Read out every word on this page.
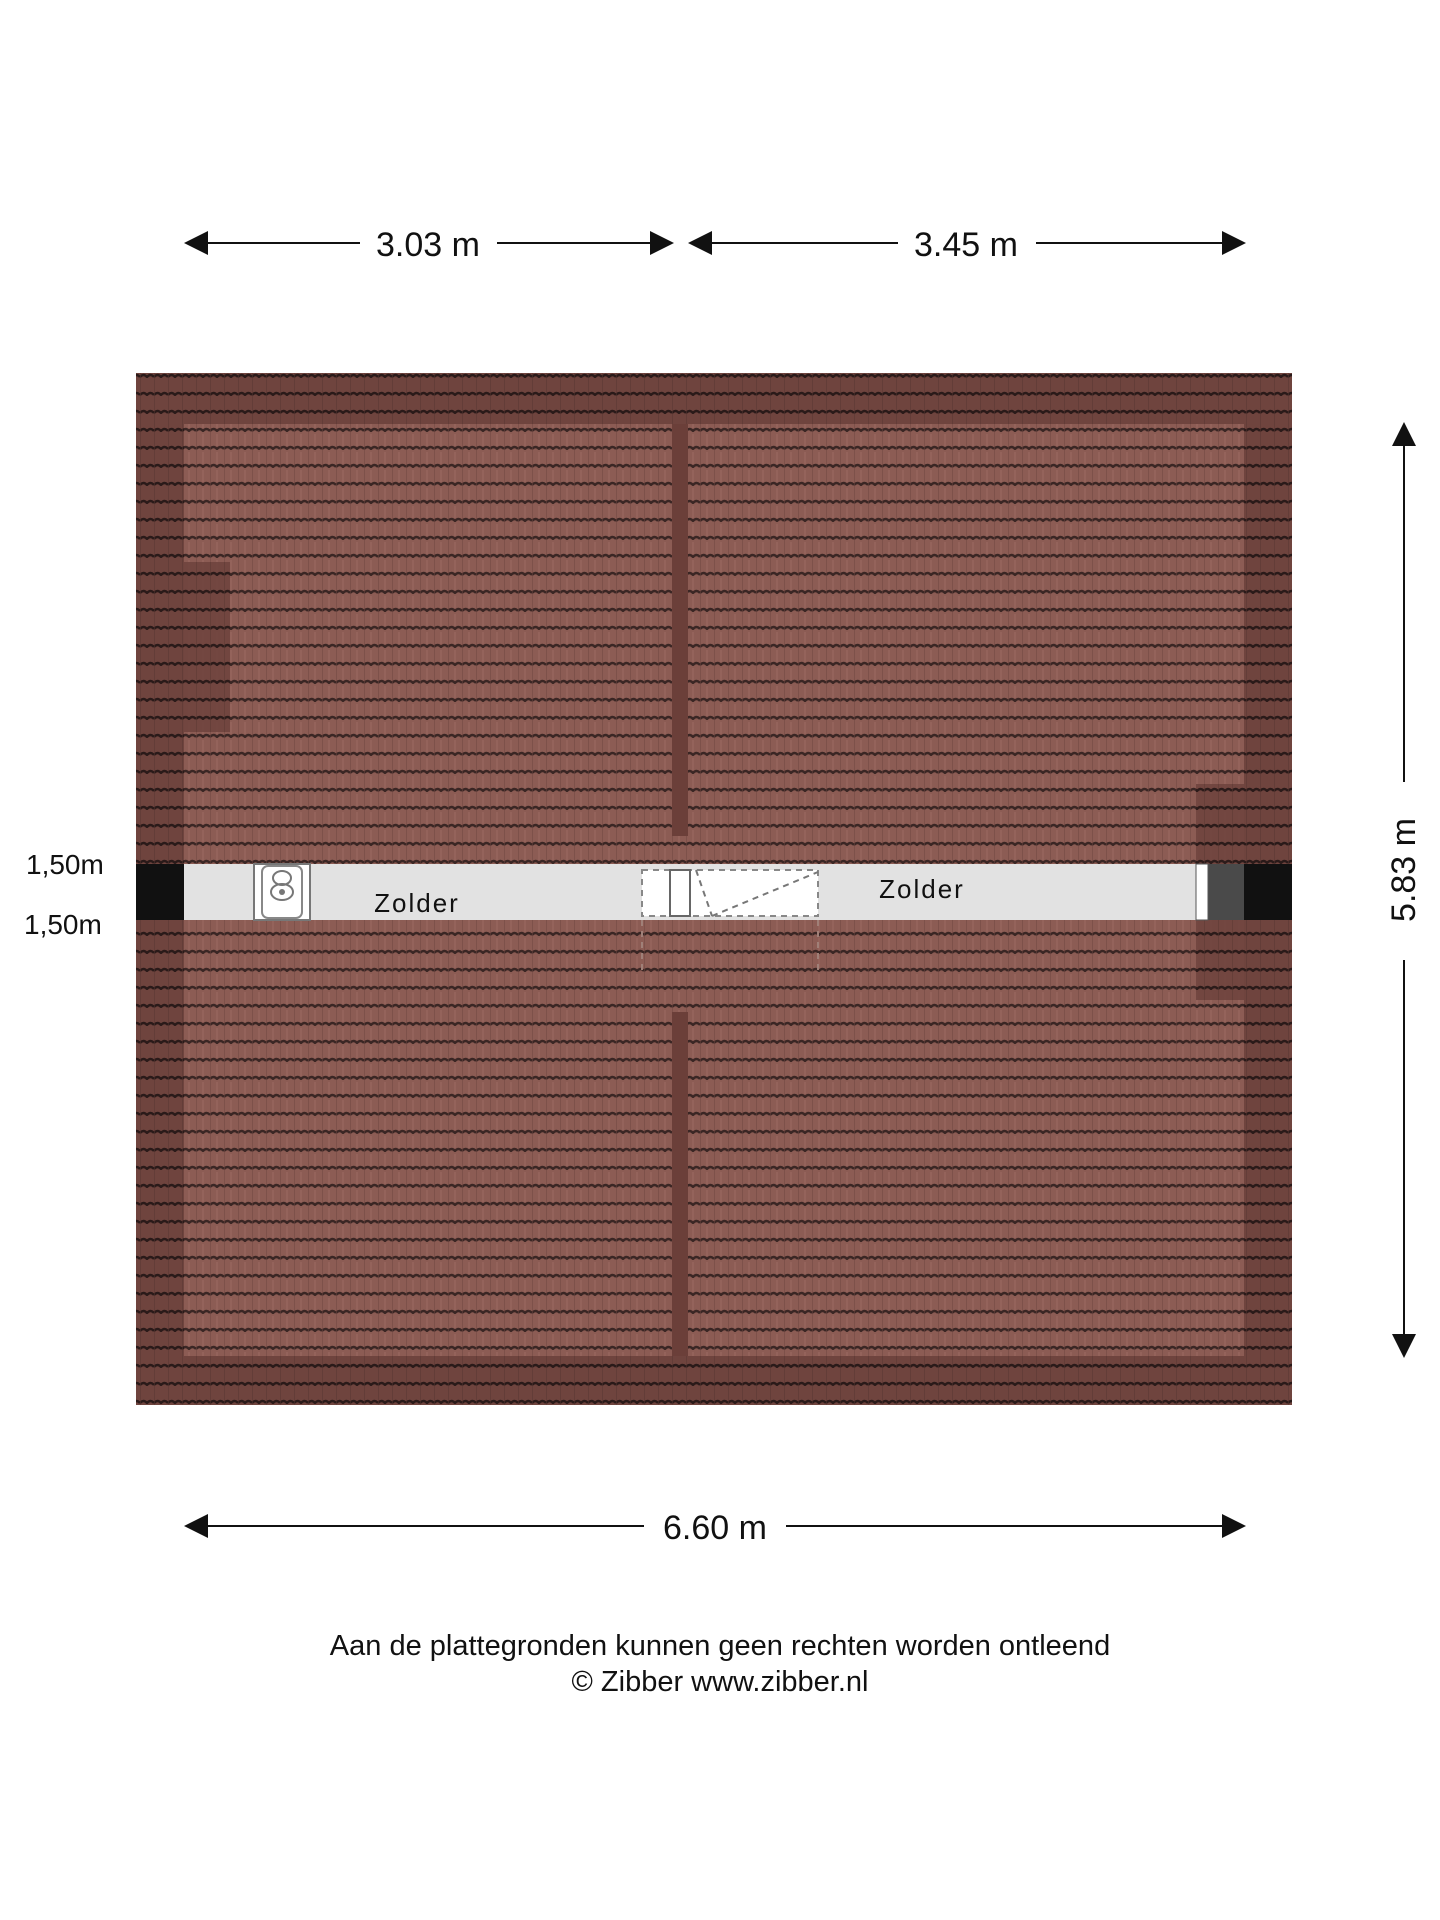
3.03 m	3.45 m
Zolder	Zolder
1,50m
1,50m
5.83 m
6.60 m
Aan de plattegronden kunnen geen rechten worden ontleend
© Zibber www.zibber.nl
